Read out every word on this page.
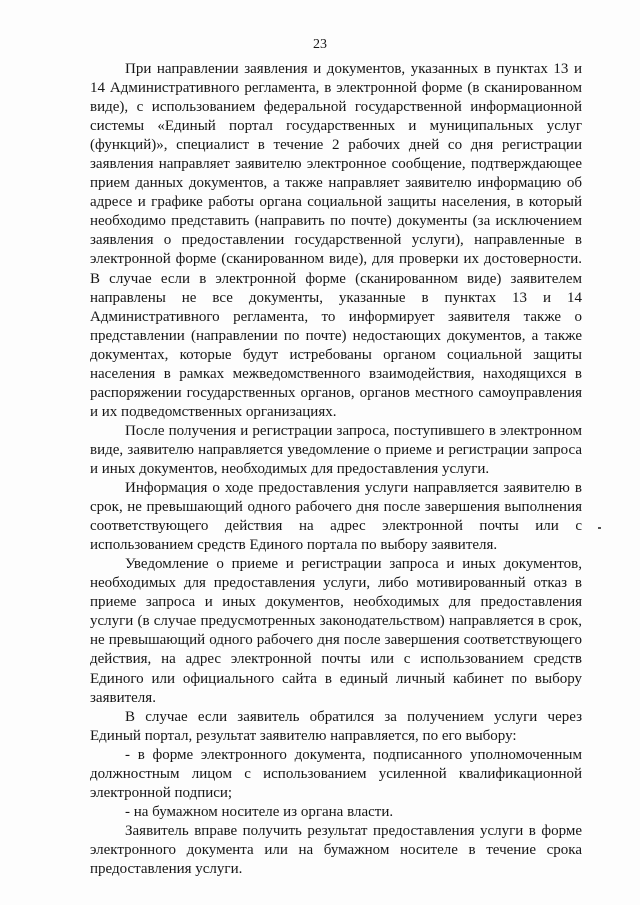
23

При направлении заявления и документов, указанных в пунктах 13 и 14 Административного регламента, в электронной форме (в сканированном виде), с использованием федеральной государственной информационной системы «Единый портал государственных и муниципальных услуг (функций)», специалист в течение 2 рабочих дней со дня регистрации заявления направляет заявителю электронное сообщение, подтверждающее прием данных документов, а также направляет заявителю информацию об адресе и графике работы органа социальной защиты населения, в который необходимо представить (направить по почте) документы (за исключением заявления о предоставлении государственной услуги), направленные в электронной форме (сканированном виде), для проверки их достоверности. В случае если в электронной форме (сканированном виде) заявителем направлены не все документы, указанные в пунктах 13 и 14 Административного регламента, то информирует заявителя также о представлении (направлении по почте) недостающих документов, а также документах, которые будут истребованы органом социальной защиты населения в рамках межведомственного взаимодействия, находящихся в распоряжении государственных органов, органов местного самоуправления и их подведомственных организациях.

После получения и регистрации запроса, поступившего в электронном виде, заявителю направляется уведомление о приеме и регистрации запроса и иных документов, необходимых для предоставления услуги.

Информация о ходе предоставления услуги направляется заявителю в срок, не превышающий одного рабочего дня после завершения выполнения соответствующего действия на адрес электронной почты или с использованием средств Единого портала по выбору заявителя.

Уведомление о приеме и регистрации запроса и иных документов, необходимых для предоставления услуги, либо мотивированный отказ в приеме запроса и иных документов, необходимых для предоставления услуги (в случае предусмотренных законодательством) направляется в срок, не превышающий одного рабочего дня после завершения соответствующего действия, на адрес электронной почты или с использованием средств Единого или официального сайта в единый личный кабинет по выбору заявителя.

В случае если заявитель обратился за получением услуги через Единый портал, результат заявителю направляется, по его выбору:

- в форме электронного документа, подписанного уполномоченным должностным лицом с использованием усиленной квалификационной электронной подписи;

- на бумажном носителе из органа власти.

Заявитель вправе получить результат предоставления услуги в форме электронного документа или на бумажном носителе в течение срока предоставления услуги.
